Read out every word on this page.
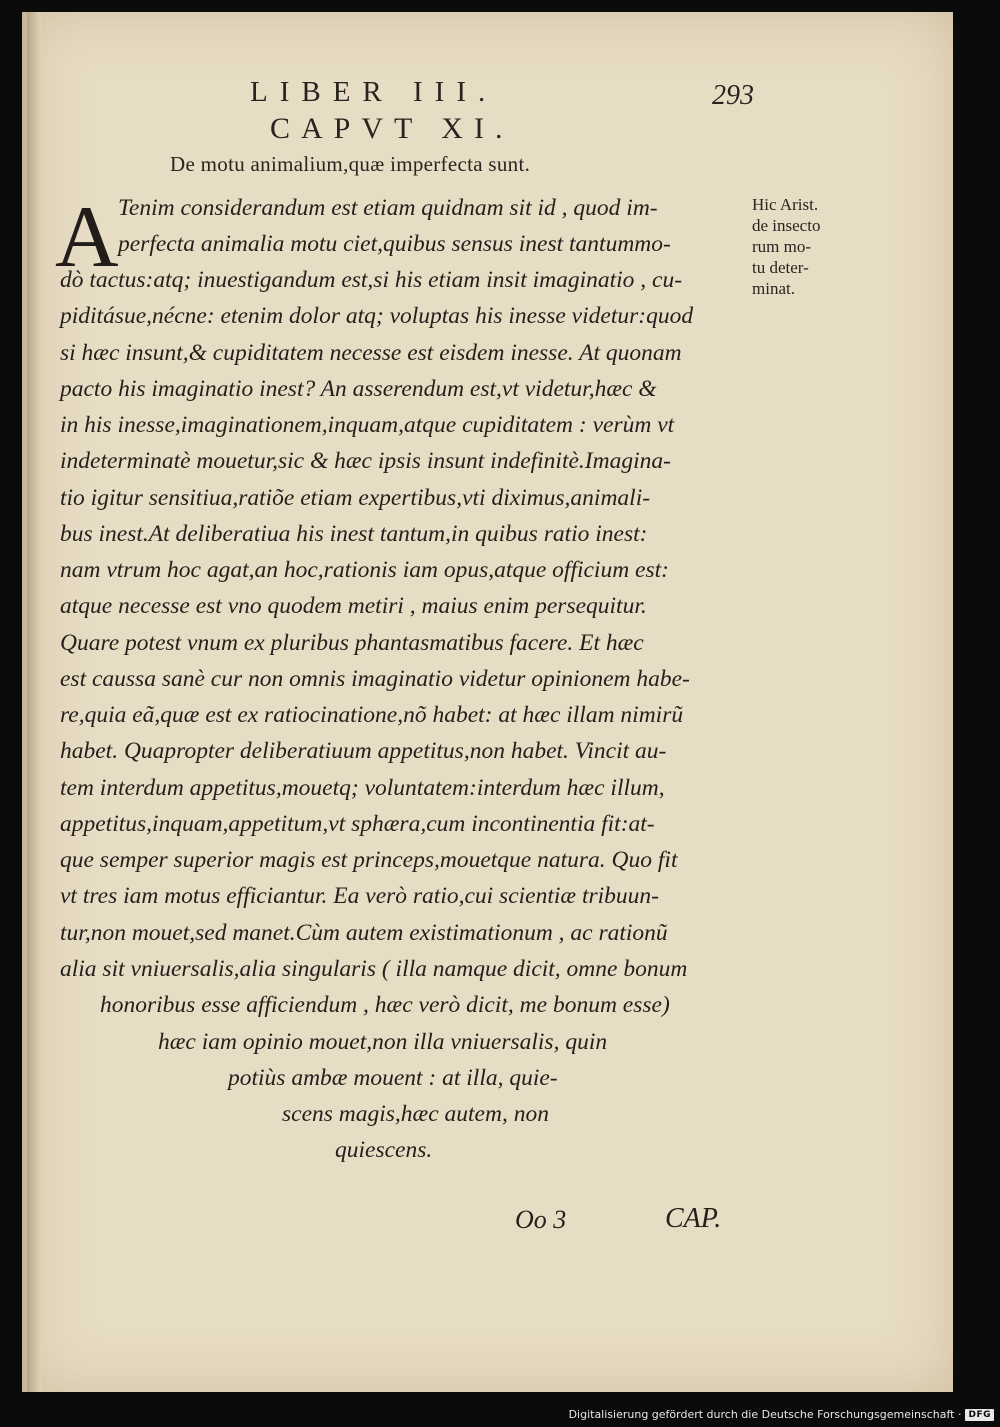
LIBER III.	293
CAPVT XI.
De motu animalium,quæ imperfecta sunt.
A Tenim considerandum est etiam quidnam sit id , quod im-
perfecta animalia motu ciet,quibus sensus inest tantummo-
dò tactus:atq; inuestigandum est,si his etiam insit imaginatio , cu-
piditásue,nécne: etenim dolor atq; voluptas his inesse videtur:quod
si hæc insunt,& cupiditatem necesse est eisdem inesse. At quonam
pacto his imaginatio inest? An asserendum est,vt videtur,hæc &
in his inesse,imaginationem,inquam,atque cupiditatem : verùm vt
indeterminatè mouetur,sic & hæc ipsis insunt indefinitè.Imagina-
tio igitur sensitiua,ratiõe etiam expertibus,vti diximus,animali-
bus inest.At deliberatiua his inest tantum,in quibus ratio inest:
nam vtrum hoc agat,an hoc,rationis iam opus,atque officium est:
atque necesse est vno quodem metiri , maius enim persequitur.
Quare potest vnum ex pluribus phantasmatibus facere. Et hæc
est caussa sanè cur non omnis imaginatio videtur opinionem habe-
re,quia eã,quæ est ex ratiocinatione,nõ habet: at hæc illam nimirũ
habet. Quapropter deliberatiuum appetitus,non habet. Vincit au-
tem interdum appetitus,mouetq; voluntatem:interdum hæc illum,
appetitus,inquam,appetitum,vt sphæra,cum incontinentia fit:at-
que semper superior magis est princeps,mouetque natura. Quo fit
vt tres iam motus efficiantur. Ea verò ratio,cui scientiæ tribuun-
tur,non mouet,sed manet.Cùm autem existimationum , ac rationũ
alia sit vniuersalis,alia singularis ( illa namque dicit, omne bonum
honoribus esse afficiendum , hæc verò dicit, me bonum esse)
hæc iam opinio mouet,non illa vniuersalis, quin
potiùs ambæ mouent : at illa, quie-
scens magis,hæc autem, non
quiescens.
Hic Arist.
de insecto
rum mo-
tu deter-
minat.
Oo 3	CAP.
Digitalisierung gefördert durch die Deutsche Forschungsgemeinschaft · DFG
